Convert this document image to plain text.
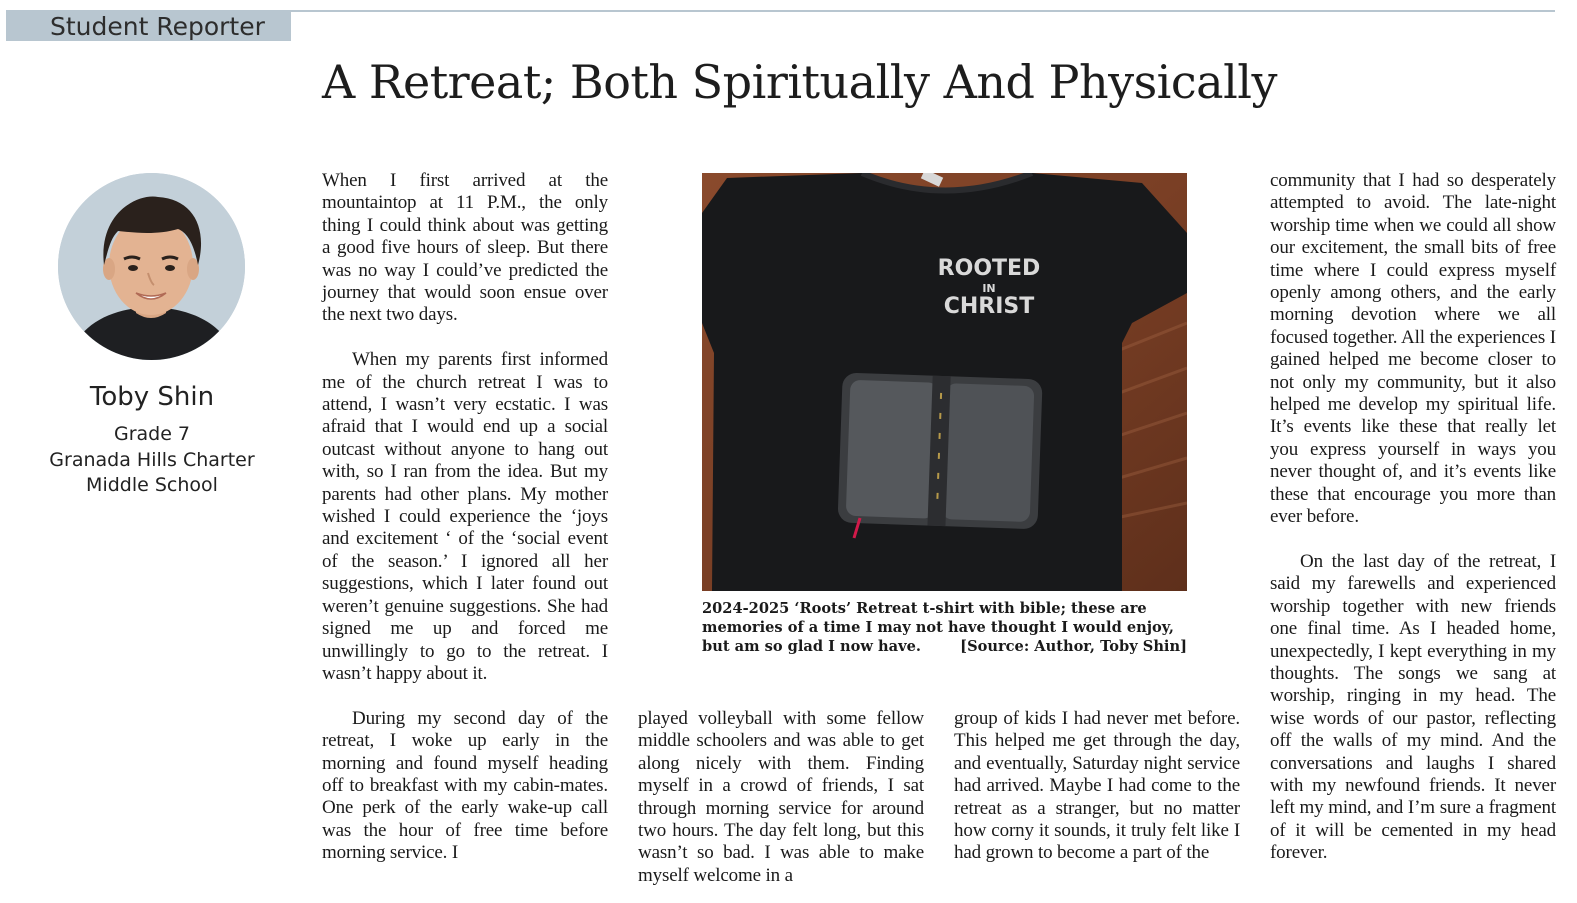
Student Reporter
A Retreat; Both Spiritually And Physically
Toby Shin
Grade 7
Granada Hills Charter
Middle School

When I first arrived at the mountaintop at 11 P.M., the only thing I could think about was getting a good five hours of sleep. But there was no way I could’ve predicted the journey that would soon ensue over the next two days.

When my parents first informed me of the church retreat I was to attend, I wasn’t very ecstatic. I was afraid that I would end up a social outcast without anyone to hang out with, so I ran from the idea. But my parents had other plans. My mother wished I could experience the ‘joys and excitement ‘ of the ‘social event of the season.’ I ignored all her suggestions, which I later found out weren’t genuine suggestions. She had signed me up and forced me unwillingly to go to the retreat. I wasn’t happy about it.

During my second day of the retreat, I woke up early in the morning and found myself heading off to breakfast with my cabin-mates. One perk of the early wake-up call was the hour of free time before morning service. I

ROOTED
IN
CHRIST
2024-2025 ‘Roots’ Retreat t-shirt with bible; these are memories of a time I may not have thought I would enjoy, but am so glad I now have.	[Source: Author, Toby Shin]

played volleyball with some fellow middle schoolers and was able to get along nicely with them. Finding myself in a crowd of friends, I sat through morning service for around two hours. The day felt long, but this wasn’t so bad. I was able to make myself welcome in a

group of kids I had never met before. This helped me get through the day, and eventually, Saturday night service had arrived. Maybe I had come to the retreat as a stranger, but no matter how corny it sounds, it truly felt like I had grown to become a part of the

community that I had so desperately attempted to avoid. The late-night worship time when we could all show our excitement, the small bits of free time where I could express myself openly among others, and the early morning devotion where we all focused together. All the experiences I gained helped me become closer to not only my community, but it also helped me develop my spiritual life. It’s events like these that really let you express yourself in ways you never thought of, and it’s events like these that encourage you more than ever before.

On the last day of the retreat, I said my farewells and experienced worship together with new friends one final time. As I headed home, unexpectedly, I kept everything in my thoughts. The songs we sang at worship, ringing in my head. The wise words of our pastor, reflecting off the walls of my mind. And the conversations and laughs I shared with my newfound friends. It never left my mind, and I’m sure a fragment of it will be cemented in my head forever.
